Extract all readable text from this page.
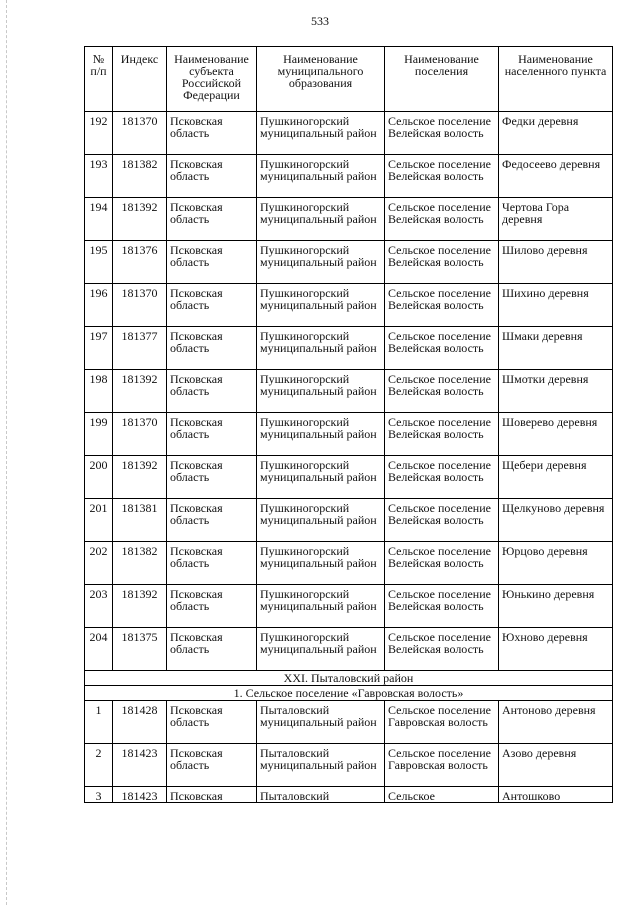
533
№ п/п	Индекс	Наименование субъекта Российской Федерации	Наименование муниципального образования	Наименование поселения	Наименование населенного пункта
192	181370	Псковская область	Пушкиногорский муниципальный район	Сельское поселение Велейская волость	Федки деревня
193	181382	Псковская область	Пушкиногорский муниципальный район	Сельское поселение Велейская волость	Федосеево деревня
194	181392	Псковская область	Пушкиногорский муниципальный район	Сельское поселение Велейская волость	Чертова Гора деревня
195	181376	Псковская область	Пушкиногорский муниципальный район	Сельское поселение Велейская волость	Шилово деревня
196	181370	Псковская область	Пушкиногорский муниципальный район	Сельское поселение Велейская волость	Шихино деревня
197	181377	Псковская область	Пушкиногорский муниципальный район	Сельское поселение Велейская волость	Шмаки деревня
198	181392	Псковская область	Пушкиногорский муниципальный район	Сельское поселение Велейская волость	Шмотки деревня
199	181370	Псковская область	Пушкиногорский муниципальный район	Сельское поселение Велейская волость	Шоверево деревня
200	181392	Псковская область	Пушкиногорский муниципальный район	Сельское поселение Велейская волость	Щебери деревня
201	181381	Псковская область	Пушкиногорский муниципальный район	Сельское поселение Велейская волость	Щелкуново деревня
202	181382	Псковская область	Пушкиногорский муниципальный район	Сельское поселение Велейская волость	Юрцово деревня
203	181392	Псковская область	Пушкиногорский муниципальный район	Сельское поселение Велейская волость	Юнькино деревня
204	181375	Псковская область	Пушкиногорский муниципальный район	Сельское поселение Велейская волость	Юхново деревня
XXI. Пыталовский район					
1. Сельское поселение «Гавровская волость»					
1	181428	Псковская область	Пыталовский муниципальный район	Сельское поселение Гавровская волость	Антоново деревня
2	181423	Псковская область	Пыталовский муниципальный район	Сельское поселение Гавровская волость	Азово деревня
3	181423	Псковская	Пыталовский	Сельское	Антошково
